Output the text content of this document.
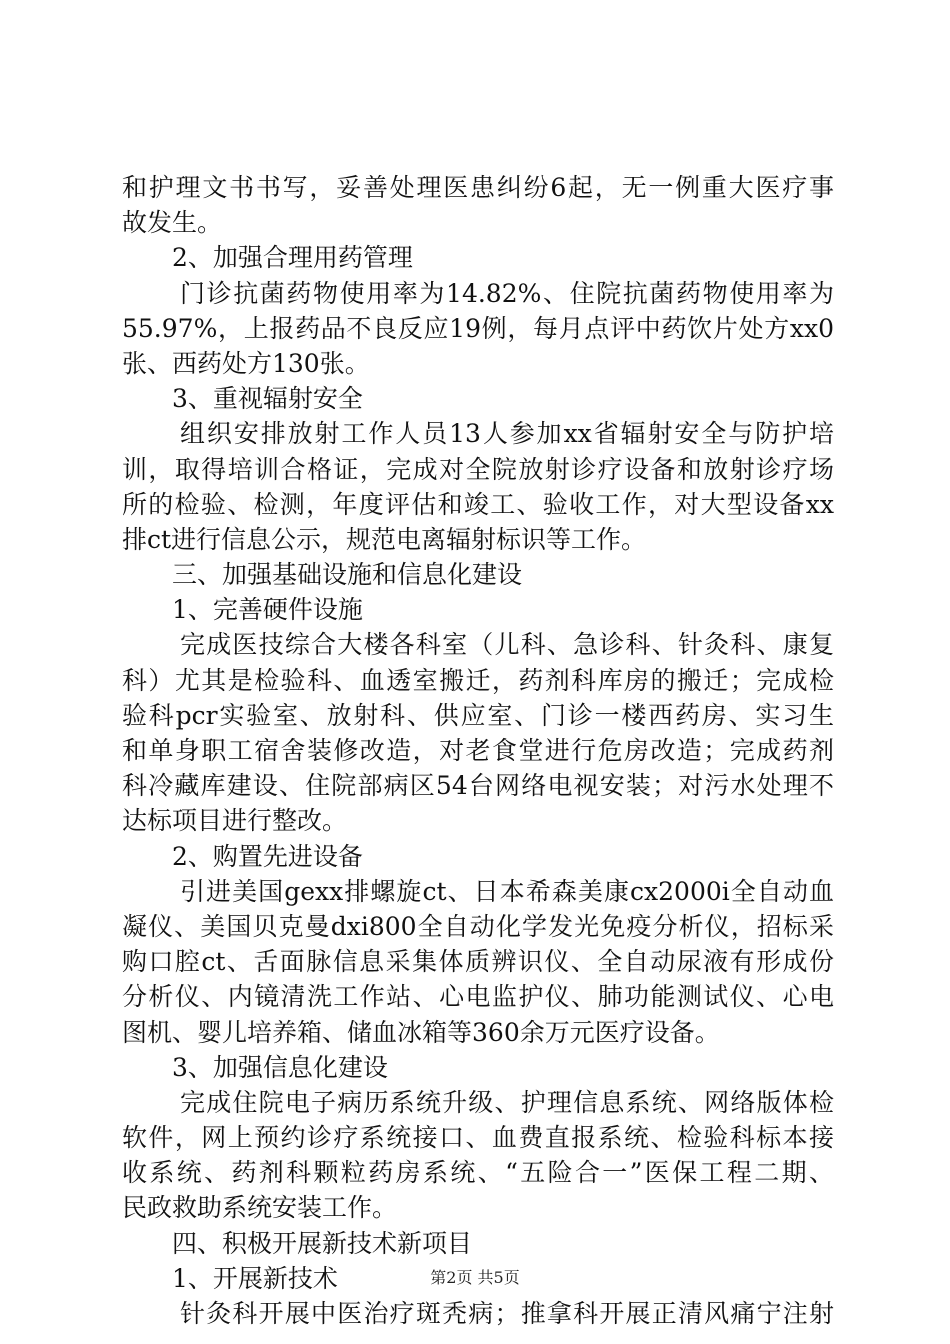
和护理文书书写，妥善处理医患纠纷6起，无一例重大医疗事
故发生。
2、加强合理用药管理
门诊抗菌药物使用率为14.82%、住院抗菌药物使用率为
55.97%，上报药品不良反应19例，每月点评中药饮片处方xx0
张、西药处方130张。
3、重视辐射安全
组织安排放射工作人员13人参加xx省辐射安全与防护培
训，取得培训合格证，完成对全院放射诊疗设备和放射诊疗场
所的检验、检测，年度评估和竣工、验收工作，对大型设备xx
排ct进行信息公示，规范电离辐射标识等工作。
三、加强基础设施和信息化建设
1、完善硬件设施
完成医技综合大楼各科室（儿科、急诊科、针灸科、康复
科）尤其是检验科、血透室搬迁，药剂科库房的搬迁；完成检
验科pcr实验室、放射科、供应室、门诊一楼西药房、实习生
和单身职工宿舍装修改造，对老食堂进行危房改造；完成药剂
科冷藏库建设、住院部病区54台网络电视安装；对污水处理不
达标项目进行整改。
2、购置先进设备
引进美国gexx排螺旋ct、日本希森美康cx2000i全自动血
凝仪、美国贝克曼dxi800全自动化学发光免疫分析仪，招标采
购口腔ct、舌面脉信息采集体质辨识仪、全自动尿液有形成份
分析仪、内镜清洗工作站、心电监护仪、肺功能测试仪、心电
图机、婴儿培养箱、储血冰箱等360余万元医疗设备。
3、加强信息化建设
完成住院电子病历系统升级、护理信息系统、网络版体检
软件，网上预约诊疗系统接口、血费直报系统、检验科标本接
收系统、药剂科颗粒药房系统、“五险合一”医保工程二期、
民政救助系统安装工作。
四、积极开展新技术新项目
1、开展新技术
针灸科开展中医治疗斑秃病；推拿科开展正清风痛宁注射
第2页 共5页
